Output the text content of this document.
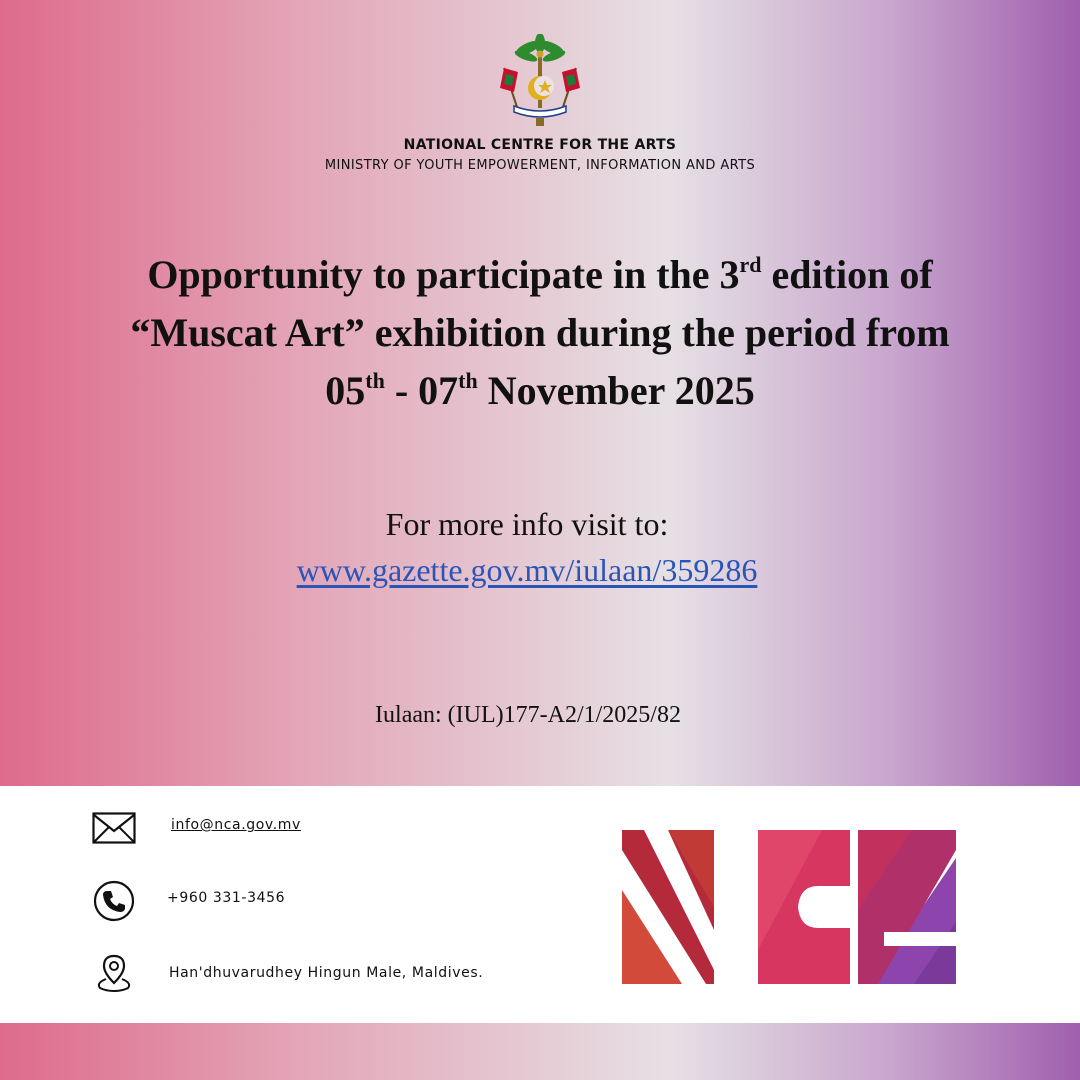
NATIONAL CENTRE FOR THE ARTS
MINISTRY OF YOUTH EMPOWERMENT, INFORMATION AND ARTS
Opportunity to participate in the 3rd edition of
“Muscat Art” exhibition during the period from
05th - 07th November 2025
For more info visit to:
www.gazette.gov.mv/iulaan/359286
Iulaan: (IUL)177-A2/1/2025/82
info@nca.gov.mv
+960 331-3456
Han'dhuvarudhey Hingun Male, Maldives.
